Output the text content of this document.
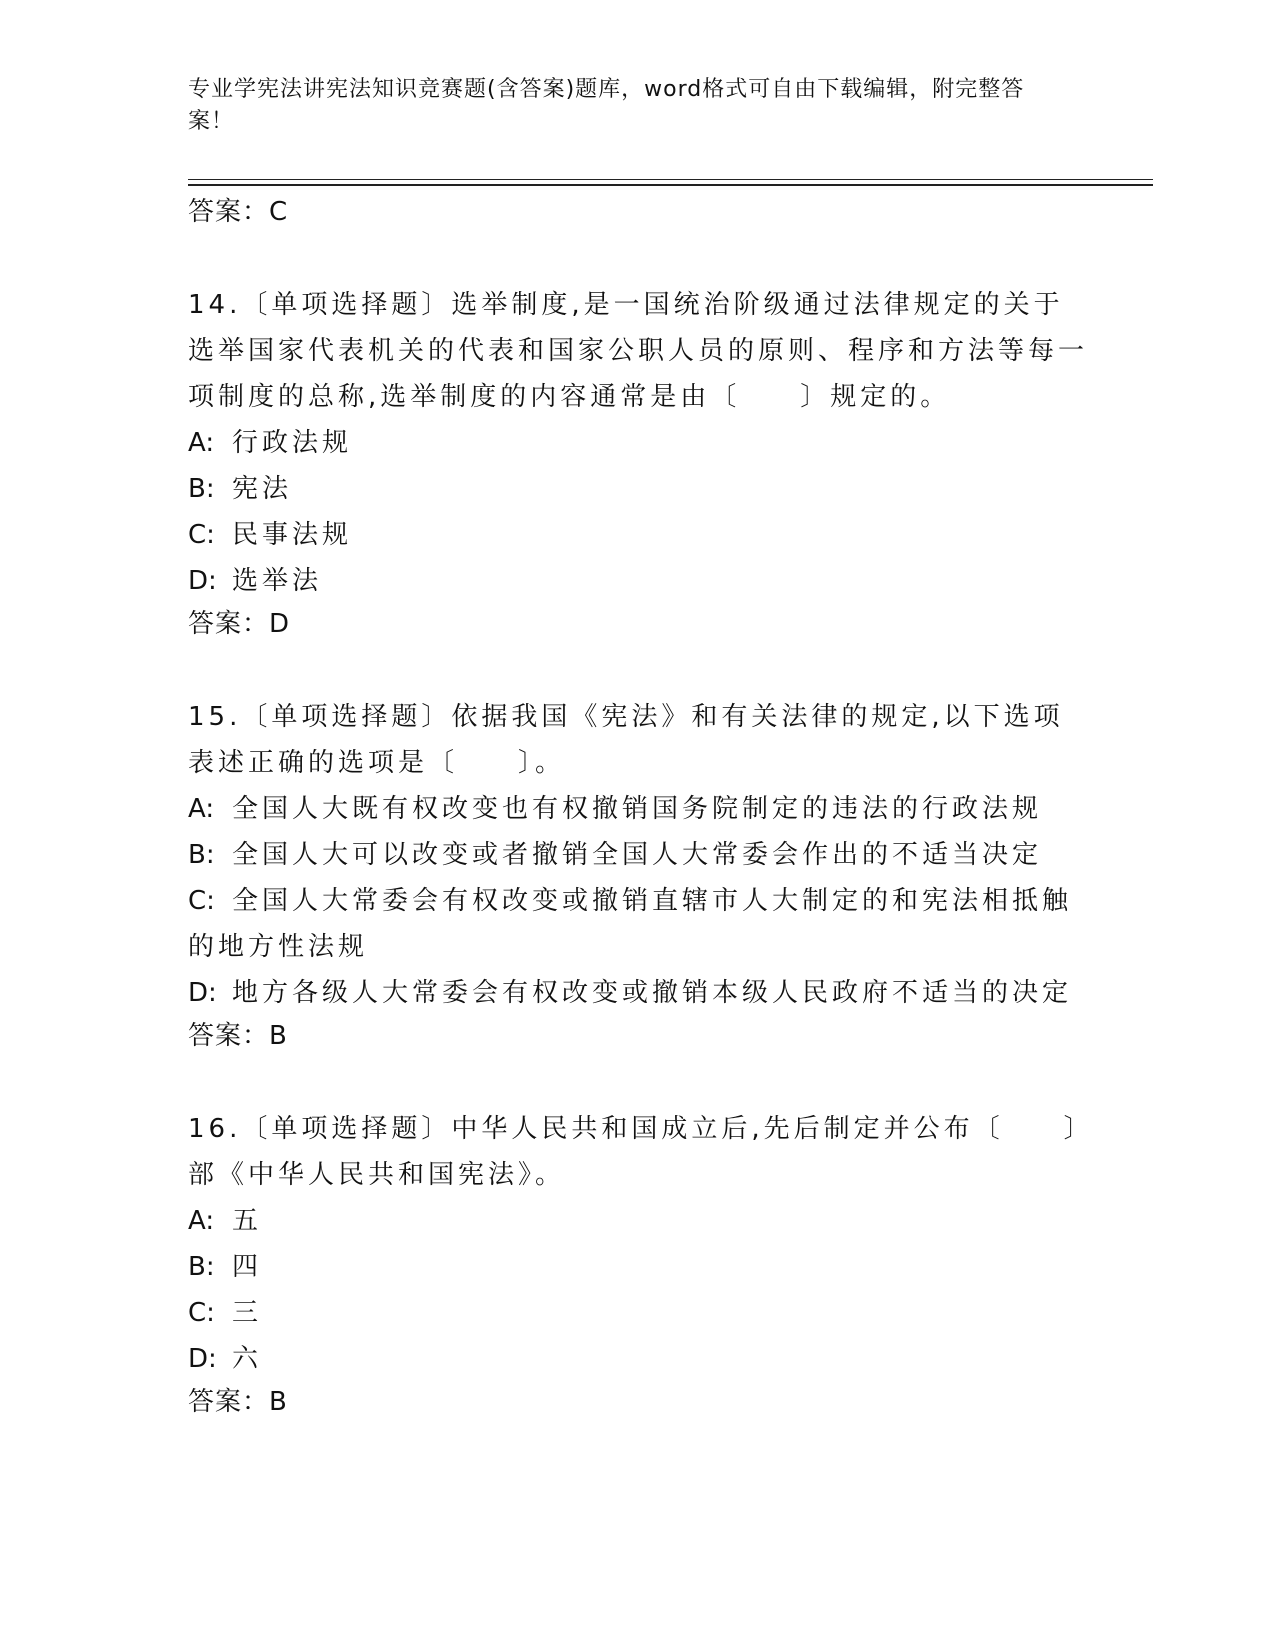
专业学宪法讲宪法知识竞赛题(含答案)题库，word格式可自由下载编辑，附完整答案！

答案：C

14.〔单项选择题〕选举制度,是一国统治阶级通过法律规定的关于选举国家代表机关的代表和国家公职人员的原则、程序和方法等每一项制度的总称,选举制度的内容通常是由〔　　〕规定的。

A: 行政法规

B: 宪法

C: 民事法规

D: 选举法

答案：D

15.〔单项选择题〕依据我国《宪法》和有关法律的规定,以下选项表述正确的选项是〔　　〕。

A: 全国人大既有权改变也有权撤销国务院制定的违法的行政法规

B: 全国人大可以改变或者撤销全国人大常委会作出的不适当决定

C: 全国人大常委会有权改变或撤销直辖市人大制定的和宪法相抵触的地方性法规

D: 地方各级人大常委会有权改变或撤销本级人民政府不适当的决定

答案：B

16.〔单项选择题〕中华人民共和国成立后,先后制定并公布〔　　〕部《中华人民共和国宪法》。

A: 五

B: 四

C: 三

D: 六

答案：B
